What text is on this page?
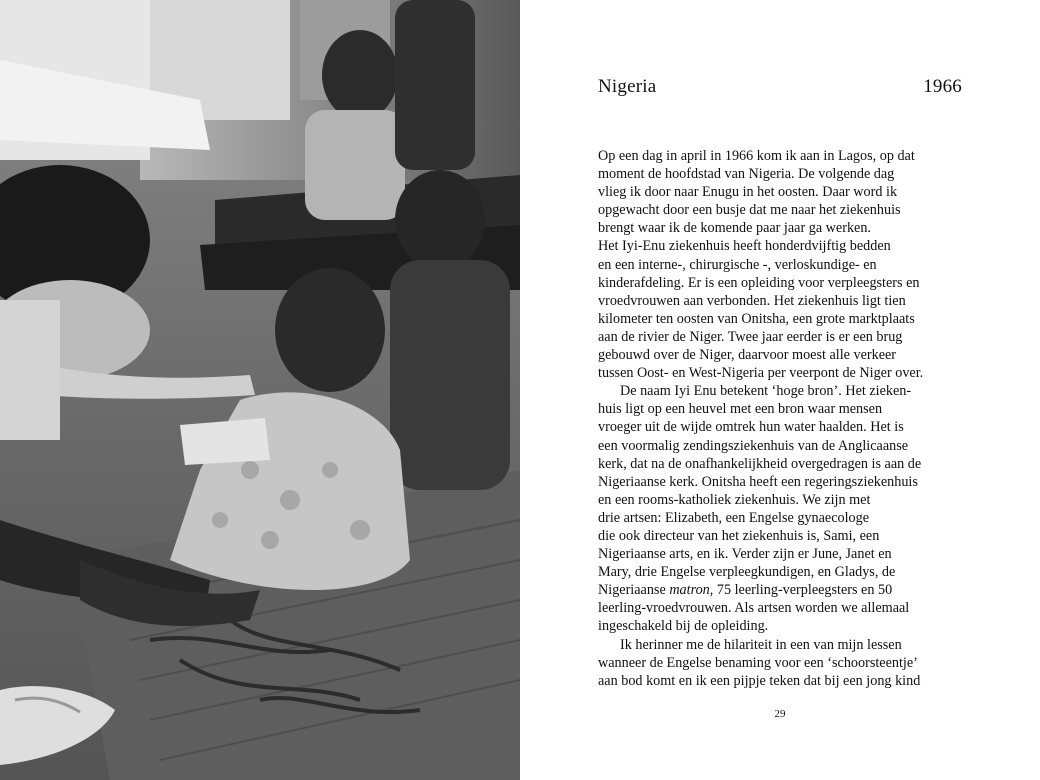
Nigeria	1966

Op een dag in april in 1966 kom ik aan in Lagos, op dat

moment de hoofdstad van Nigeria. De volgende dag

vlieg ik door naar Enugu in het oosten. Daar word ik

opgewacht door een busje dat me naar het ziekenhuis

brengt waar ik de komende paar jaar ga werken.

Het Iyi-Enu ziekenhuis heeft honderdvijftig bedden

en een interne-, chirurgische -, verloskundige- en

kinderafdeling. Er is een opleiding voor verpleegsters en

vroedvrouwen aan verbonden. Het ziekenhuis ligt tien

kilometer ten oosten van Onitsha, een grote marktplaats

aan de rivier de Niger. Twee jaar eerder is er een brug

gebouwd over de Niger, daarvoor moest alle verkeer

tussen Oost- en West-Nigeria per veerpont de Niger over.

De naam Iyi Enu betekent ‘hoge bron’. Het zieken-

huis ligt op een heuvel met een bron waar mensen

vroeger uit de wijde omtrek hun water haalden. Het is

een voormalig zendingsziekenhuis van de Anglicaanse

kerk, dat na de onafhankelijkheid overgedragen is aan de

Nigeriaanse kerk. Onitsha heeft een regeringsziekenhuis

en een rooms-katholiek ziekenhuis. We zijn met

drie artsen: Elizabeth, een Engelse gynaecologe

die ook directeur van het ziekenhuis is, Sami, een

Nigeriaanse arts, en ik. Verder zijn er June, Janet en

Mary, drie Engelse verpleegkundigen, en Gladys, de

Nigeriaanse matron, 75 leerling-verpleegsters en 50

leerling-vroedvrouwen. Als artsen worden we allemaal

ingeschakeld bij de opleiding.

Ik herinner me de hilariteit in een van mijn lessen

wanneer de Engelse benaming voor een ‘schoorsteentje’

aan bod komt en ik een pijpje teken dat bij een jong kind

29
